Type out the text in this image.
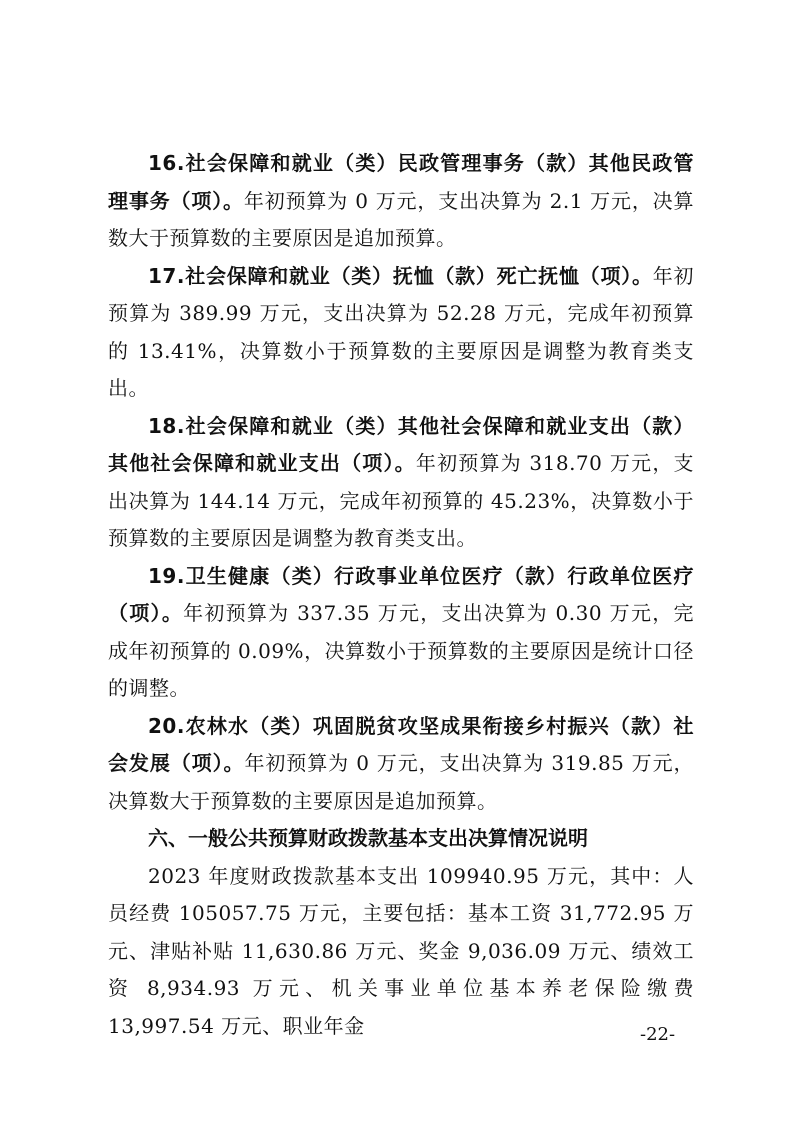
16.社会保障和就业（类）民政管理事务（款）其他民政管理事务（项）。年初预算为 0 万元，支出决算为 2.1 万元，决算数大于预算数的主要原因是追加预算。

17.社会保障和就业（类）抚恤（款）死亡抚恤（项）。年初预算为 389.99 万元，支出决算为 52.28 万元，完成年初预算的 13.41%，决算数小于预算数的主要原因是调整为教育类支出。

18.社会保障和就业（类）其他社会保障和就业支出（款）其他社会保障和就业支出（项）。年初预算为 318.70 万元，支出决算为 144.14 万元，完成年初预算的 45.23%，决算数小于预算数的主要原因是调整为教育类支出。

19.卫生健康（类）行政事业单位医疗（款）行政单位医疗（项）。年初预算为 337.35 万元，支出决算为 0.30 万元，完成年初预算的 0.09%，决算数小于预算数的主要原因是统计口径的调整。

20.农林水（类）巩固脱贫攻坚成果衔接乡村振兴（款）社会发展（项）。年初预算为 0 万元，支出决算为 319.85 万元，决算数大于预算数的主要原因是追加预算。

六、一般公共预算财政拨款基本支出决算情况说明

2023 年度财政拨款基本支出 109940.95 万元，其中：人员经费 105057.75 万元，主要包括：基本工资 31,772.95 万元、津贴补贴 11,630.86 万元、奖金 9,036.09 万元、绩效工资 8,934.93 万元、机关事业单位基本养老保险缴费 13,997.54 万元、职业年金	-22-
